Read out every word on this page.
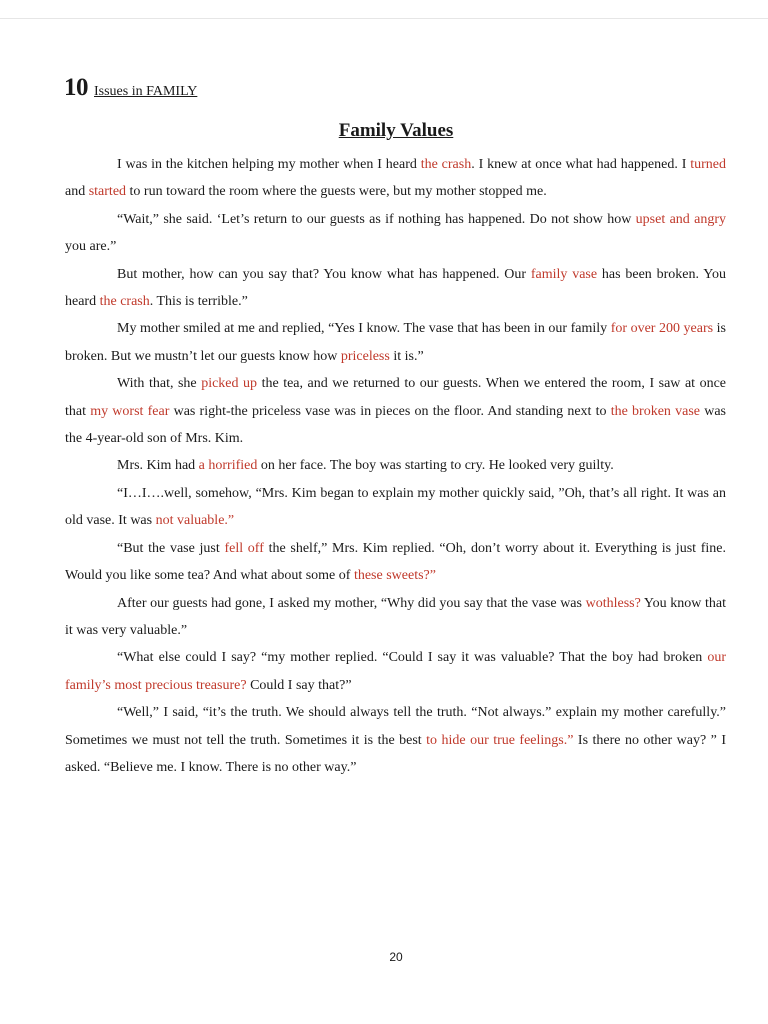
10 Issues in FAMILY
Family Values

I was in the kitchen helping my mother when I heard the crash. I knew at once what had happened. I turned and started to run toward the room where the guests were, but my mother stopped me.

“Wait,” she said. ‘Let’s return to our guests as if nothing has happened. Do not show how upset and angry you are.”

But mother, how can you say that? You know what has happened. Our family vase has been broken. You heard the crash. This is terrible.”

My mother smiled at me and replied, “Yes I know. The vase that has been in our family for over 200 years is broken. But we mustn’t let our guests know how priceless it is.”

With that, she picked up the tea, and we returned to our guests. When we entered the room, I saw at once that my worst fear was right-the priceless vase was in pieces on the floor. And standing next to the broken vase was the 4-year-old son of Mrs. Kim.

Mrs. Kim had a horrified on her face. The boy was starting to cry. He looked very guilty.

“I…I….well, somehow, “Mrs. Kim began to explain my mother quickly said, ”Oh, that’s all right. It was an old vase. It was not valuable.”

“But the vase just fell off the shelf,” Mrs. Kim replied. “Oh, don’t worry about it. Everything is just fine. Would you like some tea? And what about some of these sweets?”

After our guests had gone, I asked my mother, “Why did you say that the vase was wothless? You know that it was very valuable.”

“What else could I say? “my mother replied. “Could I say it was valuable? That the boy had broken our family’s most precious treasure? Could I say that?”

“Well,” I said, “it’s the truth. We should always tell the truth. “Not always.” explain my mother carefully.” Sometimes we must not tell the truth. Sometimes it is the best to hide our true feelings.” Is there no other way? ” I asked. “Believe me. I know. There is no other way.”

20
